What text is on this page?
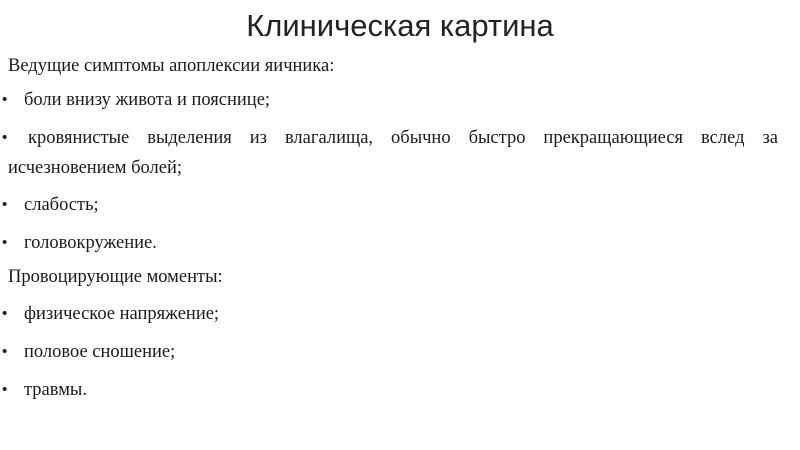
Клиническая картина
Ведущие симптомы апоплексии яичника:
• боли внизу живота и пояснице;
• кровянистые выделения из влагалища, обычно быстро прекращающиеся вслед за исчезновением болей;
• слабость;
• головокружение.
Провоцирующие моменты:
• физическое напряжение;
• половое сношение;
• травмы.
